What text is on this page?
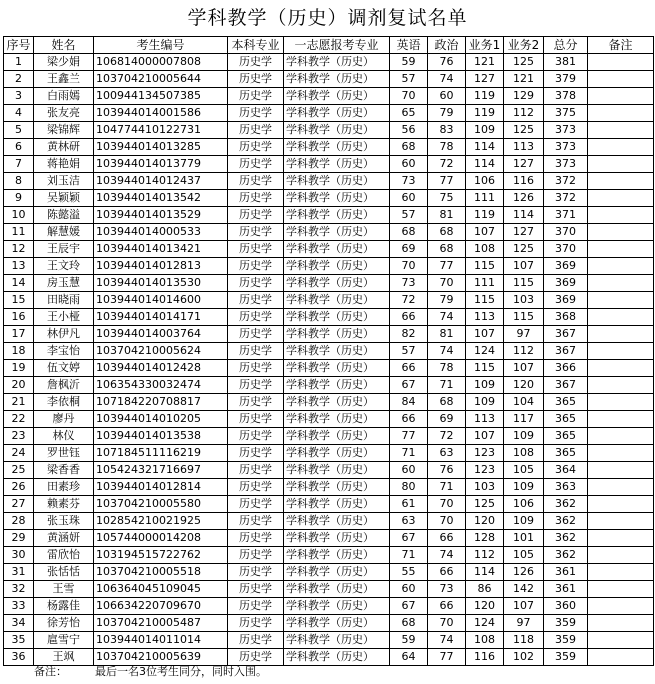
学科教学（历史）调剂复试名单
序号	姓名	考生编号	本科专业	一志愿报考专业	英语	政治	业务1	业务2	总分	备注
1	梁少娟	106814000007808	历史学	学科教学（历史）	59	76	121	125	381	
2	王鑫兰	103704210005644	历史学	学科教学（历史）	57	74	127	121	379	
3	白雨嫣	100944134507385	历史学	学科教学（历史）	70	60	119	129	378	
4	张友亮	103944014001586	历史学	学科教学（历史）	65	79	119	112	375	
5	梁锦辉	104774410122731	历史学	学科教学（历史）	56	83	109	125	373	
6	黄林研	103944014013285	历史学	学科教学（历史）	68	78	114	113	373	
7	蒋艳娟	103944014013779	历史学	学科教学（历史）	60	72	114	127	373	
8	刘玉洁	103944014012437	历史学	学科教学（历史）	73	77	106	116	372	
9	吴颖颖	103944014013542	历史学	学科教学（历史）	60	75	111	126	372	
10	陈懿溢	103944014013529	历史学	学科教学（历史）	57	81	119	114	371	
11	解慧媛	103944014000533	历史学	学科教学（历史）	68	68	107	127	370	
12	王辰宇	103944014013421	历史学	学科教学（历史）	69	68	108	125	370	
13	王文玲	103944014012813	历史学	学科教学（历史）	70	77	115	107	369	
14	房玉慧	103944014013530	历史学	学科教学（历史）	73	70	111	115	369	
15	田晓雨	103944014014600	历史学	学科教学（历史）	72	79	115	103	369	
16	王小桠	103944014014171	历史学	学科教学（历史）	66	74	113	115	368	
17	林伊凡	103944014003764	历史学	学科教学（历史）	82	81	107	97	367	
18	李宝怡	103704210005624	历史学	学科教学（历史）	57	74	124	112	367	
19	伍文婷	103944014012428	历史学	学科教学（历史）	66	78	115	107	366	
20	詹枫沂	106354330032474	历史学	学科教学（历史）	67	71	109	120	367	
21	李依桐	107184220708817	历史学	学科教学（历史）	84	68	109	104	365	
22	廖丹	103944014010205	历史学	学科教学（历史）	66	69	113	117	365	
23	林仪	103944014013538	历史学	学科教学（历史）	77	72	107	109	365	
24	罗世钰	107184511116219	历史学	学科教学（历史）	71	63	123	108	365	
25	梁香香	105424321716697	历史学	学科教学（历史）	60	76	123	105	364	
26	田素珍	103944014012814	历史学	学科教学（历史）	80	71	103	109	363	
27	赖素芬	103704210005580	历史学	学科教学（历史）	61	70	125	106	362	
28	张玉珠	102854210021925	历史学	学科教学（历史）	63	70	120	109	362	
29	黄涵妍	105744000014208	历史学	学科教学（历史）	67	66	128	101	362	
30	雷欣怡	103194515722762	历史学	学科教学（历史）	71	74	112	105	362	
31	张恬恬	103704210005518	历史学	学科教学（历史）	55	66	114	126	361	
32	王雪	106364045109045	历史学	学科教学（历史）	60	73	86	142	361	
33	杨露佳	106634220709670	历史学	学科教学（历史）	67	66	120	107	360	
34	徐芳怡	103704210005487	历史学	学科教学（历史）	68	70	124	97	359	
35	扈雪宁	103944014011014	历史学	学科教学（历史）	59	74	108	118	359	
36	王飒	103704210005639	历史学	学科教学（历史）	64	77	116	102	359	
备注：	最后一名3位考生同分，同时入围。
